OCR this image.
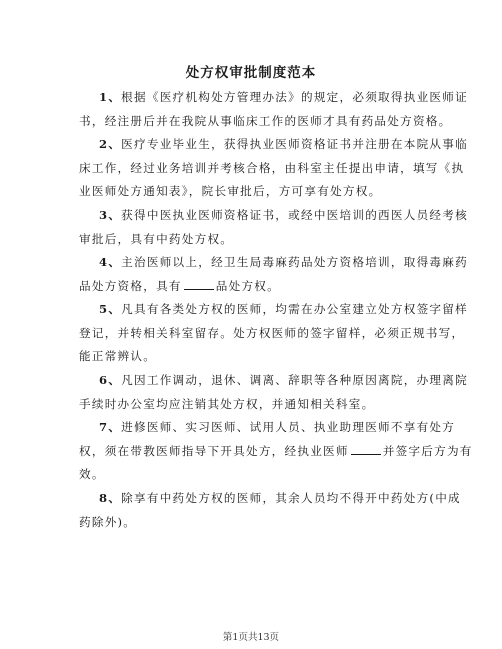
处方权审批制度范本
1、根据《医疗机构处方管理办法》的规定，必须取得执业医师证
书，经注册后并在我院从事临床工作的医师才具有药品处方资格。
2、医疗专业毕业生，获得执业医师资格证书并注册在本院从事临
床工作，经过业务培训并考核合格，由科室主任提出申请，填写《执
业医师处方通知表》，院长审批后，方可享有处方权。
3、获得中医执业医师资格证书，或经中医培训的西医人员经考核
审批后，具有中药处方权。
4、主治医师以上，经卫生局毒麻药品处方资格培训，取得毒麻药
品处方资格，具有	品处方权。
5、凡具有各类处方权的医师，均需在办公室建立处方权签字留样
登记，并转相关科室留存。处方权医师的签字留样，必须正规书写，
能正常辨认。
6、凡因工作调动，退休、调离、辞职等各种原因离院，办理离院
手续时办公室均应注销其处方权，并通知相关科室。
7、进修医师、实习医师、试用人员、执业助理医师不享有处方
权，须在带教医师指导下开具处方，经执业医师	并签字后方为有
效。
8、除享有中药处方权的医师，其余人员均不得开中药处方(中成
药除外)。
第1页共13页
